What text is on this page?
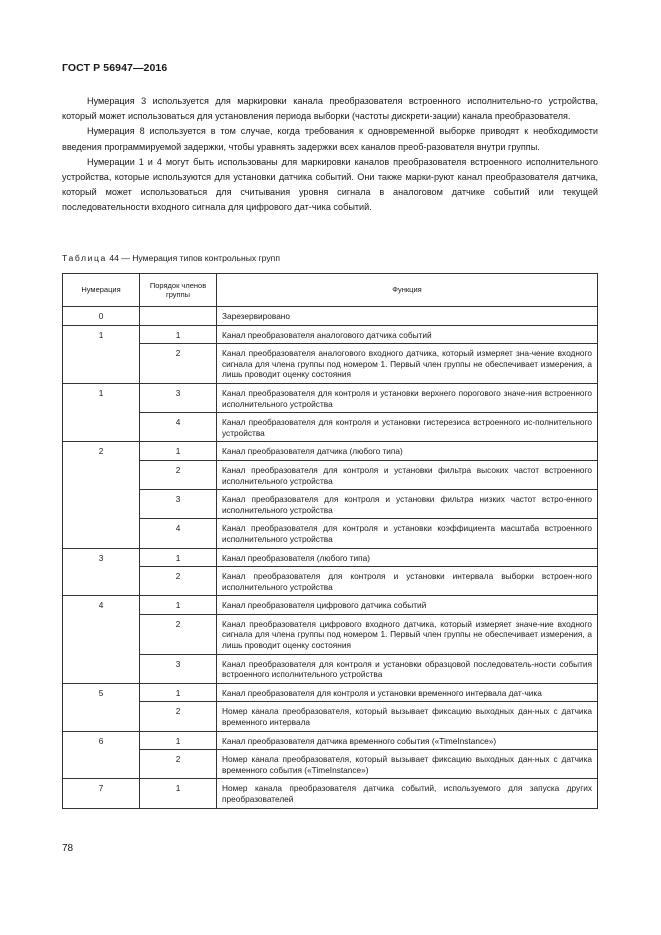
ГОСТ Р 56947—2016

Нумерация 3 используется для маркировки канала преобразователя встроенного исполнительно-го устройства, который может использоваться для установления периода выборки (частоты дискрети-зации) канала преобразователя.

Нумерация 8 используется в том случае, когда требования к одновременной выборке приводят к необходимости введения программируемой задержки, чтобы уравнять задержки всех каналов преоб-разователя внутри группы.

Нумерации 1 и 4 могут быть использованы для маркировки каналов преобразователя встроенного исполнительного устройства, которые используются для установки датчика событий. Они также марки-руют канал преобразователя датчика, который может использоваться для считывания уровня сигнала в аналоговом датчике событий или текущей последовательности входного сигнала для цифрового дат-чика событий.

Таблица 44 — Нумерация типов контрольных групп
Нумерация	Порядок членов группы	Функция
0		Зарезервировано
1	1	Канал преобразователя аналогового датчика событий
	2	Канал преобразователя аналогового входного датчика, который измеряет зна-чение входного сигнала для члена группы под номером 1. Первый член группы не обеспечивает измерения, а лишь проводит оценку состояния
1	3	Канал преобразователя для контроля и установки верхнего порогового значе-ния встроенного исполнительного устройства
	4	Канал преобразователя для контроля и установки гистерезиса встроенного ис-полнительного устройства
2	1	Канал преобразователя датчика (любого типа)
	2	Канал преобразователя для контроля и установки фильтра высоких частот встроенного исполнительного устройства
	3	Канал преобразователя для контроля и установки фильтра низких частот встро-енного исполнительного устройства
	4	Канал преобразователя для контроля и установки коэффициента масштаба встроенного исполнительного устройства
3	1	Канал преобразователя (любого типа)
	2	Канал преобразователя для контроля и установки интервала выборки встроен-ного исполнительного устройства
4	1	Канал преобразователя цифрового датчика событий
	2	Канал преобразователя цифрового входного датчика, который измеряет значе-ние входного сигнала для члена группы под номером 1. Первый член группы не обеспечивает измерения, а лишь проводит оценку состояния
	3	Канал преобразователя для контроля и установки образцовой последователь-ности события встроенного исполнительного устройства
5	1	Канал преобразователя для контроля и установки временного интервала дат-чика
	2	Номер канала преобразователя, который вызывает фиксацию выходных дан-ных с датчика временного интервала
6	1	Канал преобразователя датчика временного события («TimeInstance»)
	2	Номер канала преобразователя, который вызывает фиксацию выходных дан-ных с датчика временного события («TimeInstance»)
7	1	Номер канала преобразователя датчика событий, используемого для запуска других преобразователей
78
